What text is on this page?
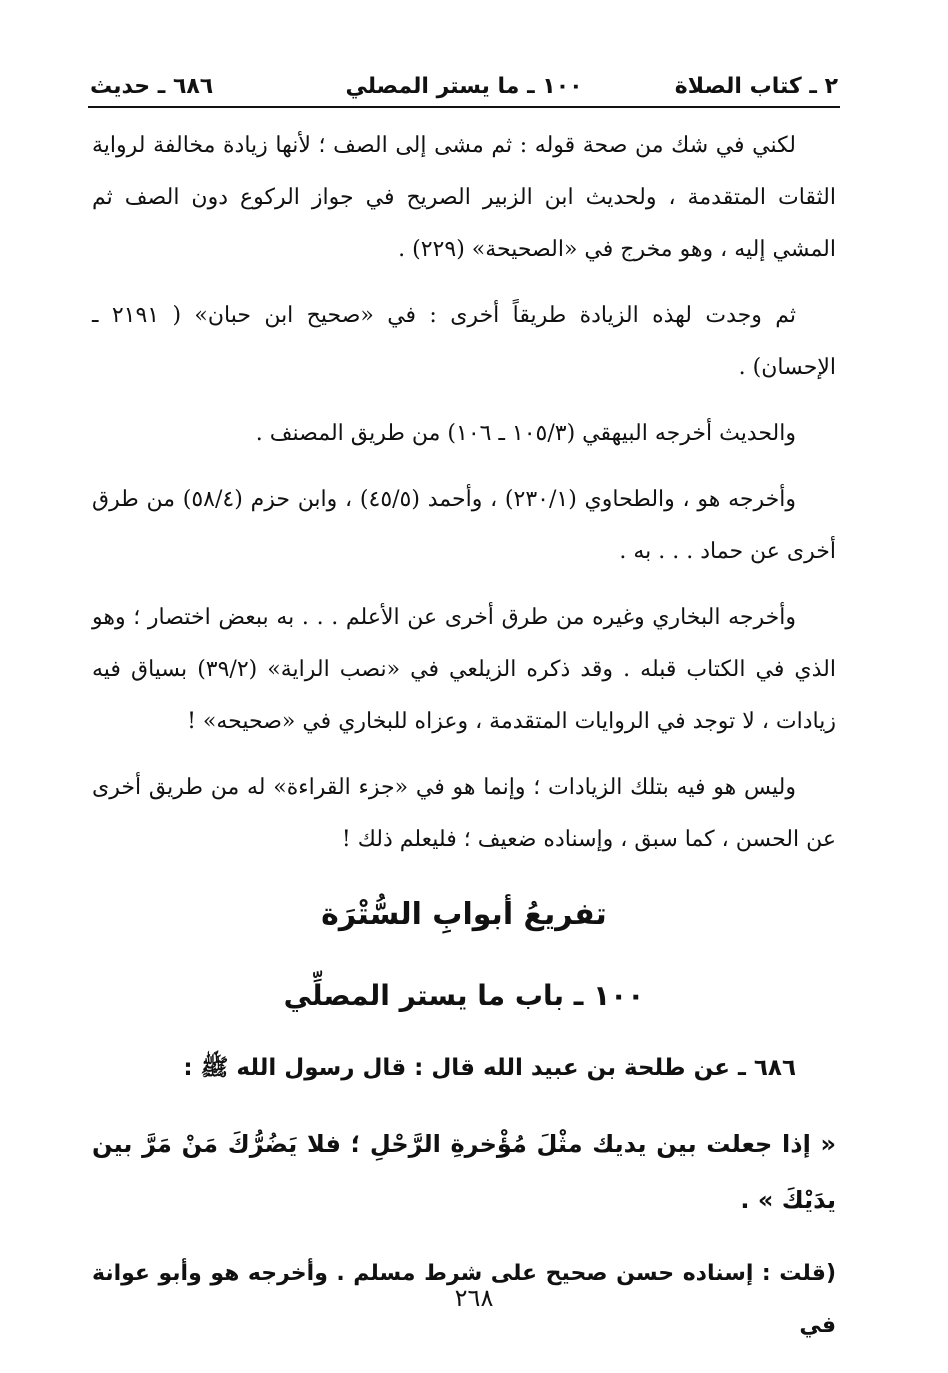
٢ ـ كتاب الصلاة
١٠٠ ـ ما يستر المصلي
٦٨٦ ـ حديث

لكني في شك من صحة قوله : ثم مشى إلى الصف ؛ لأنها زيادة مخالفة لرواية الثقات المتقدمة ، ولحديث ابن الزبير الصريح في جواز الركوع دون الصف ثم المشي إليه ، وهو مخرج في «الصحيحة» (٢٢٩) .

ثم وجدت لهذه الزيادة طريقاً أخرى : في «صحيح ابن حبان» ( ٢١٩١ ـ الإحسان) .

والحديث أخرجه البيهقي (١٠٥/٣ ـ ١٠٦) من طريق المصنف .

وأخرجه هو ، والطحاوي (٢٣٠/١) ، وأحمد (٤٥/٥) ، وابن حزم (٥٨/٤) من طرق أخرى عن حماد . . . به .

وأخرجه البخاري وغيره من طرق أخرى عن الأعلم . . . به ببعض اختصار ؛ وهو الذي في الكتاب قبله . وقد ذكره الزيلعي في «نصب الراية» (٣٩/٢) بسياق فيه زيادات ، لا توجد في الروايات المتقدمة ، وعزاه للبخاري في «صحيحه» !

وليس هو فيه بتلك الزيادات ؛ وإنما هو في «جزء القراءة» له من طريق أخرى عن الحسن ، كما سبق ، وإسناده ضعيف ؛ فليعلم ذلك !

تفريعُ أبوابِ السُّتْرَة
١٠٠ ـ باب ما يستر المصلِّي
٦٨٦ ـ عن طلحة بن عبيد الله قال : قال رسول الله ﷺ :
« إذا جعلت بين يديك مثْلَ مُؤْخرةِ الرَّحْلِ ؛ فلا يَضُرُّكَ مَنْ مَرَّ بين يدَيْكَ » .
(قلت : إسناده حسن صحيح على شرط مسلم . وأخرجه هو وأبو عوانة في
٢٦٨
